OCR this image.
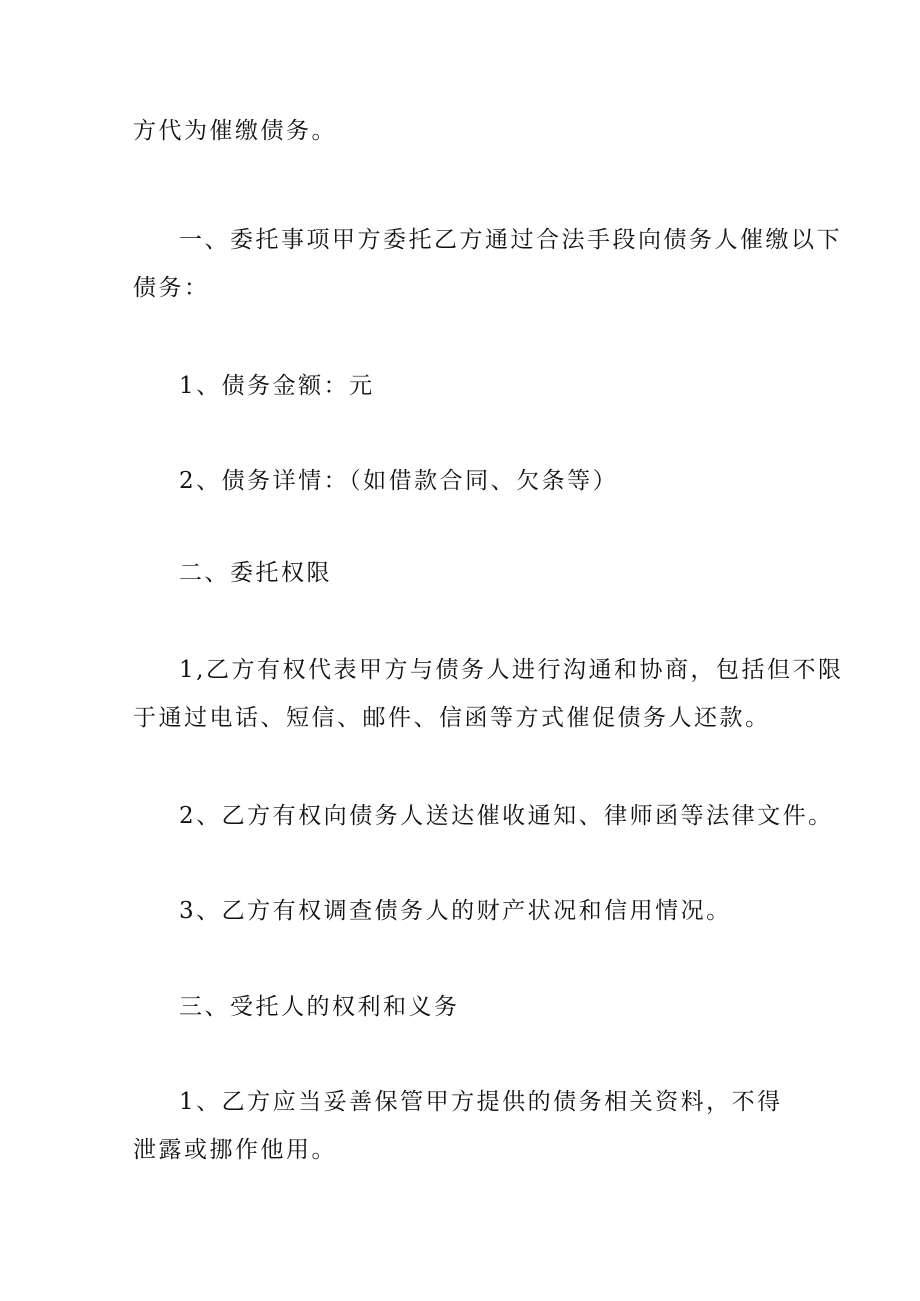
方代为催缴债务。

一、委托事项甲方委托乙方通过合法手段向债务人催缴以下
债务：

1、债务金额：元

2、债务详情：（如借款合同、欠条等）

二、委托权限

1,乙方有权代表甲方与债务人进行沟通和协商，包括但不限
于通过电话、短信、邮件、信函等方式催促债务人还款。

2、乙方有权向债务人送达催收通知、律师函等法律文件。

3、乙方有权调查债务人的财产状况和信用情况。

三、受托人的权利和义务

1、乙方应当妥善保管甲方提供的债务相关资料，不得
泄露或挪作他用。
